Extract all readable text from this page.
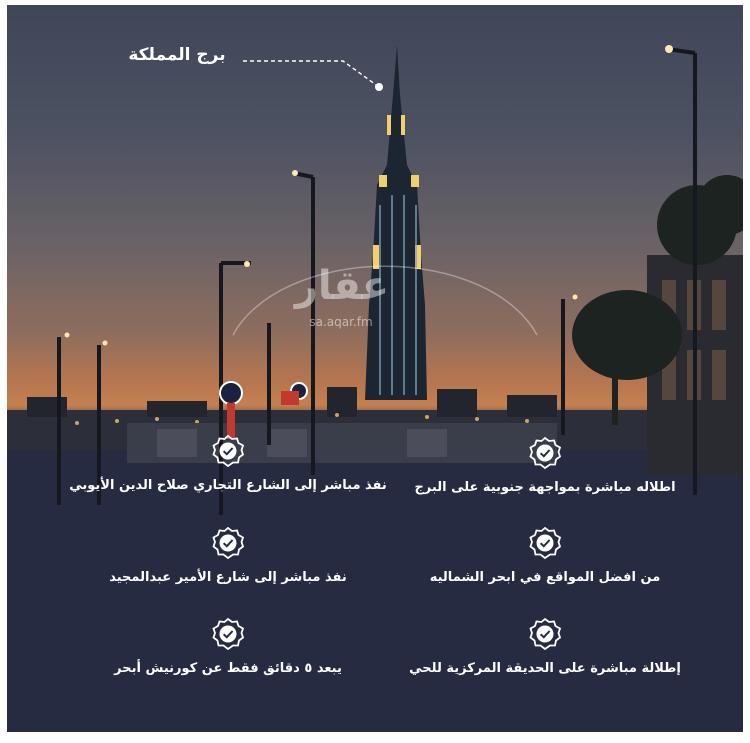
برج المملكة
عقار
sa.aqar.fm
اطلاله مباشرة بمواجهة جنوبية على البرج
من افضل المواقع في ابحر الشماليه
إطلالة مباشرة على الحديقة المركزية للحي
نفذ مباشر إلى الشارع التجاري صلاح الدين الأيوبي
نفذ مباشر إلى شارع الأمير عبدالمجيد
يبعد ٥ دقائق فقط عن كورنيش أبحر
